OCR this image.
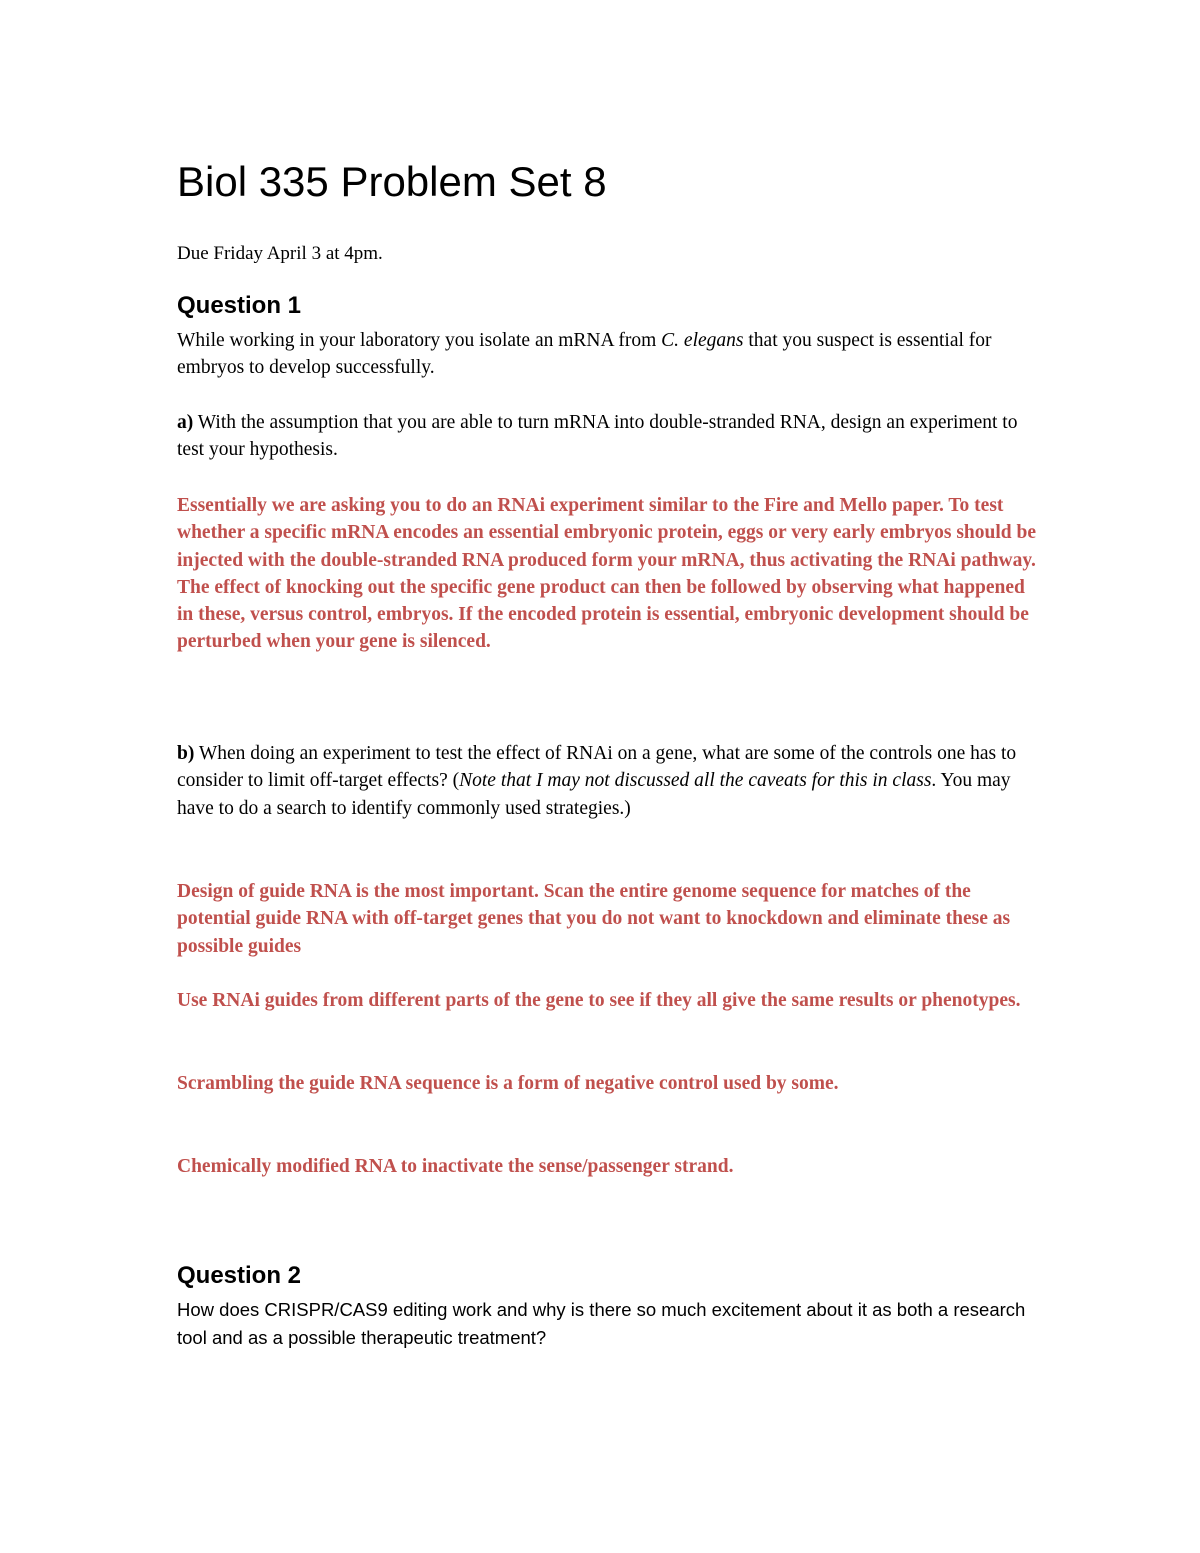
Biol 335 Problem Set 8

Due Friday April 3 at 4pm.

Question 1

While working in your laboratory you isolate an mRNA from C. elegans that you suspect is essential for embryos to develop successfully.

a) With the assumption that you are able to turn mRNA into double-stranded RNA, design an experiment to test your hypothesis.

Essentially we are asking you to do an RNAi experiment similar to the Fire and Mello paper. To test whether a specific mRNA encodes an essential embryonic protein, eggs or very early embryos should be injected with the double-stranded RNA produced form your mRNA, thus activating the RNAi pathway. The effect of knocking out the specific gene product can then be followed by observing what happened in these, versus control, embryos. If the encoded protein is essential, embryonic development should be perturbed when your gene is silenced.

b) When doing an experiment to test the effect of RNAi on a gene, what are some of the controls one has to consider to limit off-target effects? (Note that I may not discussed all the caveats for this in class. You may have to do a search to identify commonly used strategies.)

Design of guide RNA is the most important. Scan the entire genome sequence for matches of the potential guide RNA with off-target genes that you do not want to knockdown and eliminate these as possible guides

Use RNAi guides from different parts of the gene to see if they all give the same results or phenotypes.

Scrambling the guide RNA sequence is a form of negative control used by some.

Chemically modified RNA to inactivate the sense/passenger strand.

Question 2

How does CRISPR/CAS9 editing work and why is there so much excitement about it as both a research tool and as a possible therapeutic treatment?
